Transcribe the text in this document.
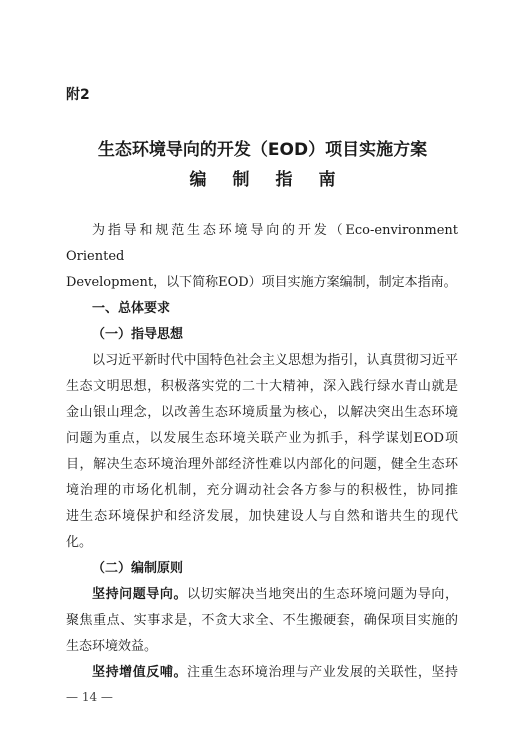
附2
生态环境导向的开发（EOD）项目实施方案
编制指南

为指导和规范生态环境导向的开发（Eco-environment Oriented

Development，以下简称EOD）项目实施方案编制，制定本指南。

一、总体要求

（一）指导思想

以习近平新时代中国特色社会主义思想为指引，认真贯彻习近平

生态文明思想，积极落实党的二十大精神，深入践行绿水青山就是

金山银山理念，以改善生态环境质量为核心，以解决突出生态环境

问题为重点，以发展生态环境关联产业为抓手，科学谋划EOD项

目，解决生态环境治理外部经济性难以内部化的问题，健全生态环

境治理的市场化机制，充分调动社会各方参与的积极性，协同推

进生态环境保护和经济发展，加快建设人与自然和谐共生的现代

化。

（二）编制原则

坚持问题导向。以切实解决当地突出的生态环境问题为导向，

聚焦重点、实事求是，不贪大求全、不生搬硬套，确保项目实施的

生态环境效益。

坚持增值反哺。注重生态环境治理与产业发展的关联性，坚持

— 14 —
